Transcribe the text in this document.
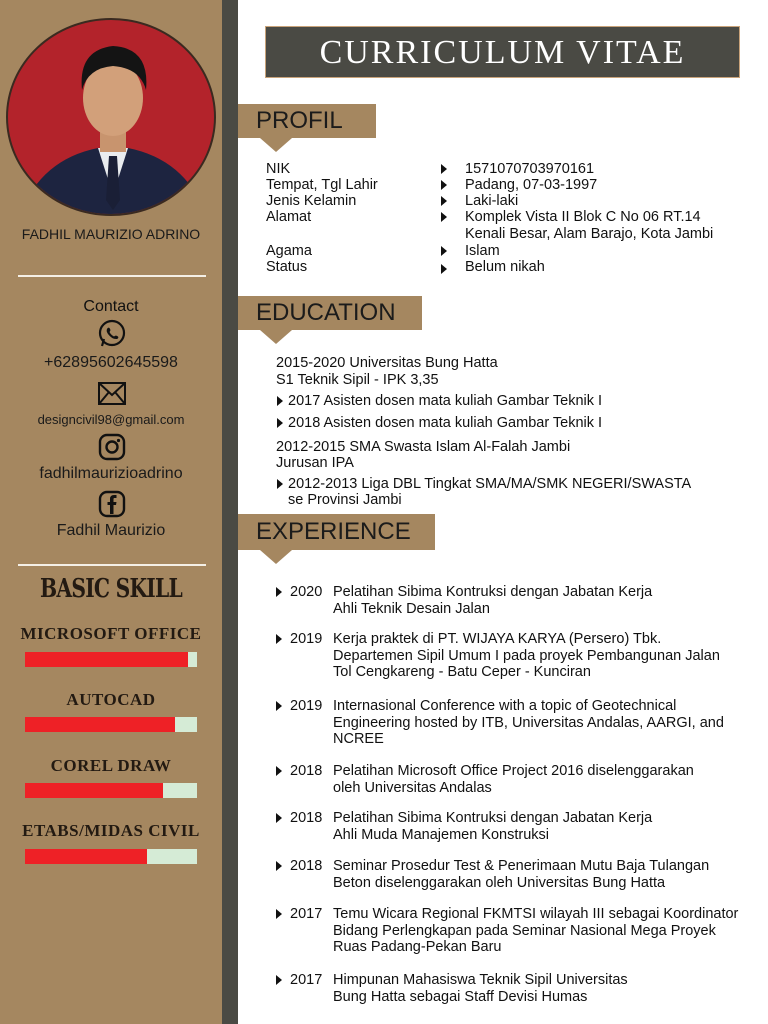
FADHIL MAURIZIO ADRINO
Contact
+62895602645598
designcivil98@gmail.com
fadhilmaurizioadrino
Fadhil Maurizio
BASIC SKILL
MICROSOFT OFFICE
AUTOCAD
COREL DRAW
ETABS/MIDAS CIVIL
CURRICULUM VITAE
PROFIL
NIK	1571070703970161
Tempat, Tgl Lahir	Padang, 07-03-1997
Jenis Kelamin	Laki-laki
Alamat	Komplek Vista II Blok C No 06 RT.14
Kenali Besar, Alam Barajo, Kota Jambi
Agama	Islam
Status	Belum nikah
EDUCATION
2015-2020 Universitas Bung Hatta
S1 Teknik Sipil - IPK 3,35
2017 Asisten dosen mata kuliah Gambar Teknik I
2018 Asisten dosen mata kuliah Gambar Teknik I
2012-2015 SMA Swasta Islam Al-Falah Jambi
Jurusan IPA
2012-2013 Liga DBL Tingkat SMA/MA/SMK NEGERI/SWASTA
se Provinsi Jambi
EXPERIENCE
2020 Pelatihan Sibima Kontruksi dengan Jabatan Kerja
Ahli Teknik Desain Jalan
2019 Kerja praktek di PT. WIJAYA KARYA (Persero) Tbk.
Departemen Sipil Umum I pada proyek Pembangunan Jalan
Tol Cengkareng - Batu Ceper - Kunciran
2019 Internasional Conference with a topic of Geotechnical
Engineering hosted by ITB, Universitas Andalas, AARGI, and
NCREE
2018 Pelatihan Microsoft Office Project 2016 diselenggarakan
oleh Universitas Andalas
2018 Pelatihan Sibima Kontruksi dengan Jabatan Kerja
Ahli Muda Manajemen Konstruksi
2018 Seminar Prosedur Test & Penerimaan Mutu Baja Tulangan
Beton diselenggarakan oleh Universitas Bung Hatta
2017 Temu Wicara Regional FKMTSI wilayah III sebagai Koordinator
Bidang Perlengkapan pada Seminar Nasional Mega Proyek
Ruas Padang-Pekan Baru
2017 Himpunan Mahasiswa Teknik Sipil Universitas
Bung Hatta sebagai Staff Devisi Humas
